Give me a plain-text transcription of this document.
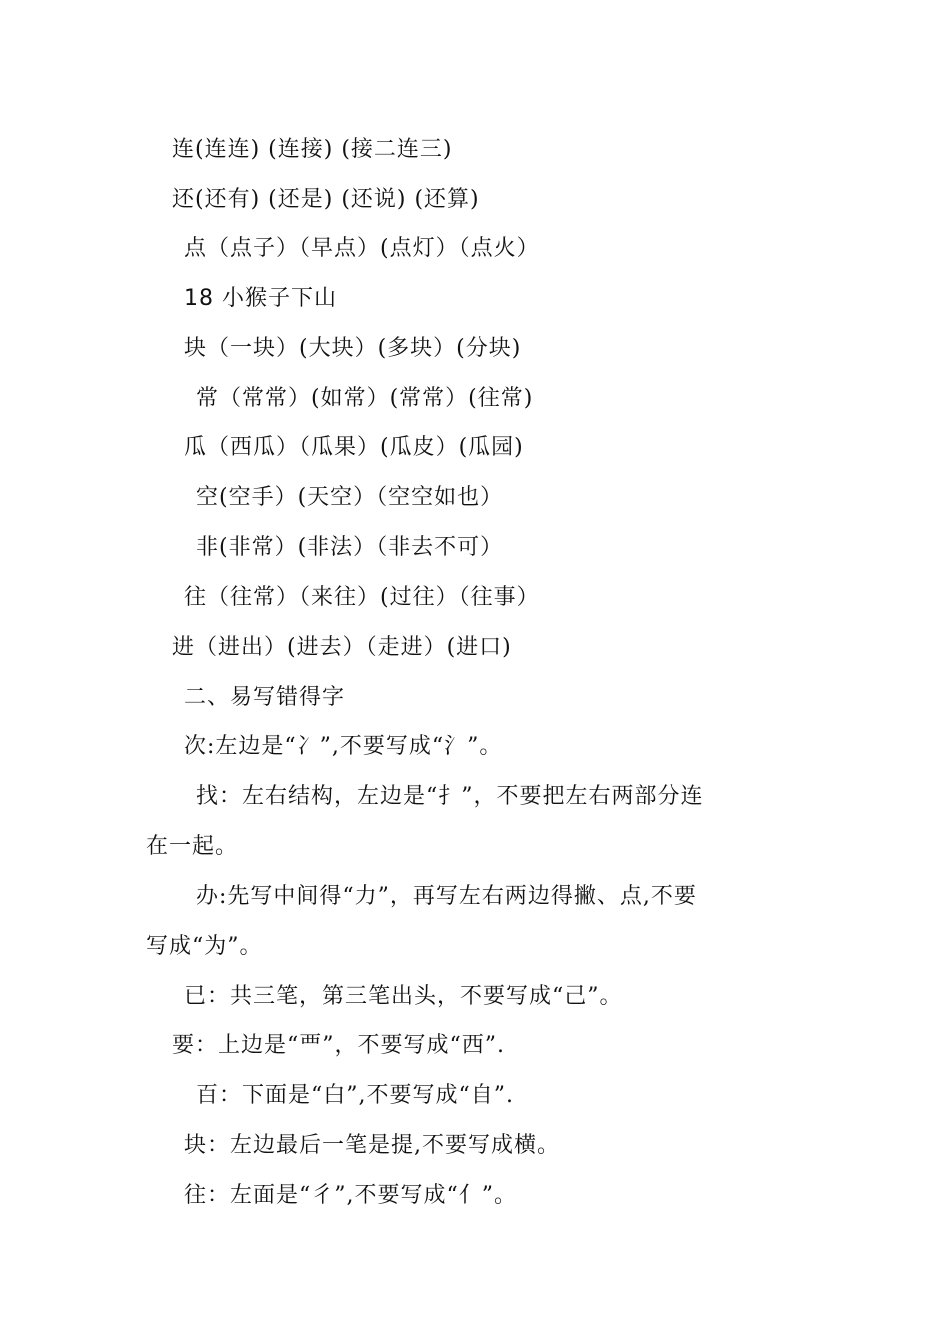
连(连连) (连接) (接二连三)
还(还有) (还是) (还说) (还算)
点（点子）（早点）(点灯）（点火）
18 小猴子下山
块（一块）(大块）(多块）(分块)
常（常常）(如常）(常常）(往常)
瓜（西瓜）（瓜果）(瓜皮）(瓜园)
空(空手）(天空）（空空如也）
非(非常）(非法）（非去不可）
往（往常）（来往）(过往）（往事）
进（进出）(进去）（走进）(进口)
二、易写错得字
次:左边是“冫”,不要写成“氵”。
找：左右结构，左边是“扌”，不要把左右两部分连
在一起。
办:先写中间得“力”，再写左右两边得撇、点,不要
写成“为”。
已：共三笔，第三笔出头，不要写成“己”。
要：上边是“覀”，不要写成“西”.
百：下面是“白”,不要写成“自”.
块：左边最后一笔是提,不要写成横。
往：左面是“彳”,不要写成“亻”。
